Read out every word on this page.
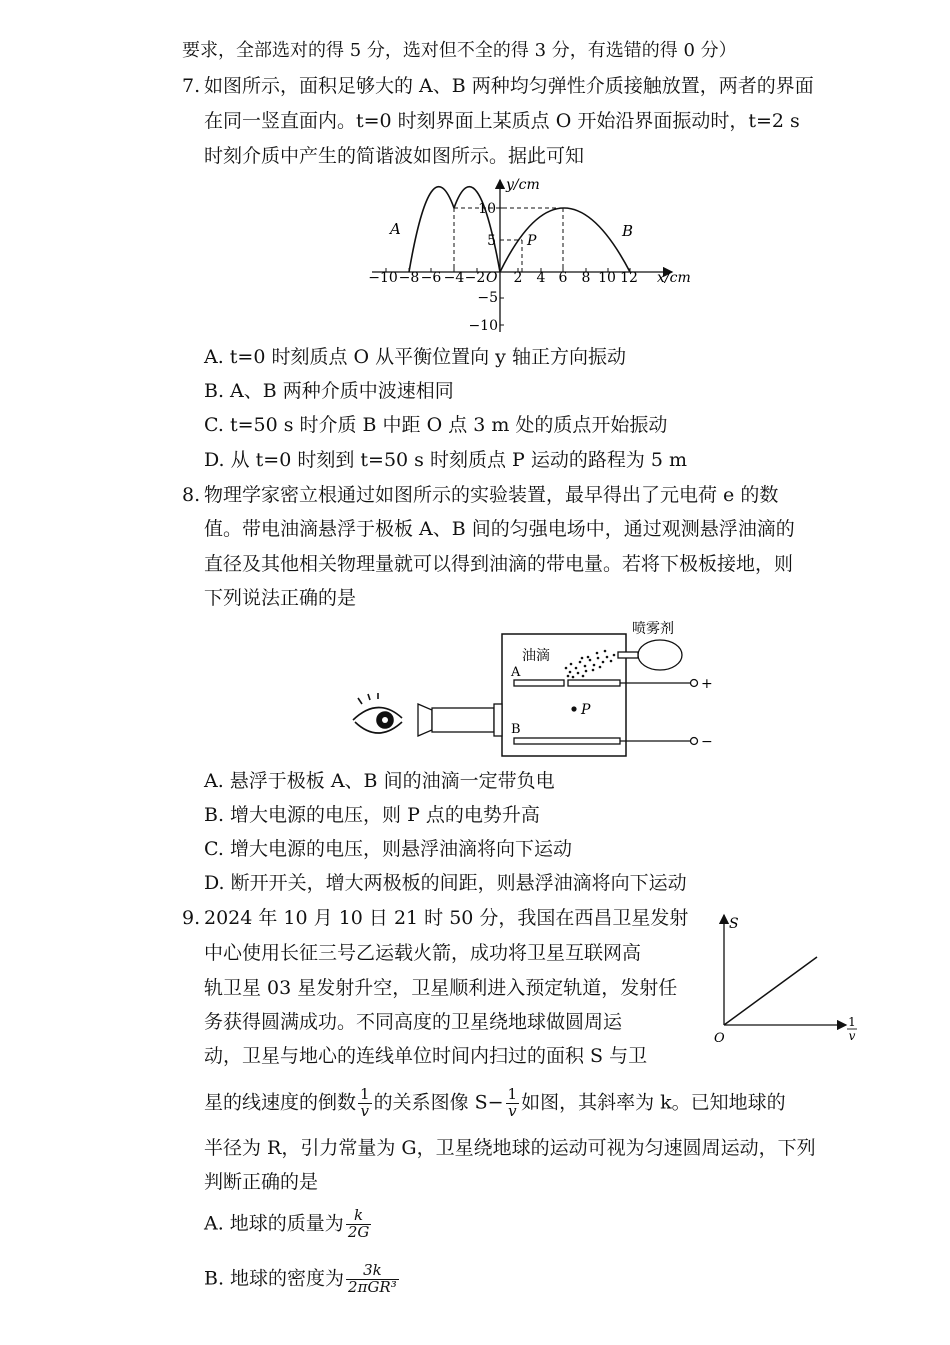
要求，全部选对的得 5 分，选对但不全的得 3 分，有选错的得 0 分）
7. 如图所示，面积足够大的 A、B 两种均匀弹性介质接触放置，两者的界面
在同一竖直面内。t=0 时刻界面上某质点 O 开始沿界面振动时，t=2 s
时刻介质中产生的简谐波如图所示。据此可知
y/cm
x/cm
A	B
P
O
−10 −8 −6 −4 −2 2 4 6 8 10 12
10
5
−5
−10
A. t=0 时刻质点 O 从平衡位置向 y 轴正方向振动
B. A、B 两种介质中波速相同
C. t=50 s 时介质 B 中距 O 点 3 m 处的质点开始振动
D. 从 t=0 时刻到 t=50 s 时刻质点 P 运动的路程为 5 m
8. 物理学家密立根通过如图所示的实验装置，最早得出了元电荷 e 的数
值。带电油滴悬浮于极板 A、B 间的匀强电场中，通过观测悬浮油滴的
直径及其他相关物理量就可以得到油滴的带电量。若将下极板接地，则
下列说法正确的是
喷雾剂
油滴
A
B
P
+
−
A. 悬浮于极板 A、B 间的油滴一定带负电
B. 增大电源的电压，则 P 点的电势升高
C. 增大电源的电压，则悬浮油滴将向下运动
D. 断开开关，增大两极板的间距，则悬浮油滴将向下运动
9. 2024 年 10 月 10 日 21 时 50 分，我国在西昌卫星发射
中心使用长征三号乙运载火箭，成功将卫星互联网高
轨卫星 03 星发射升空，卫星顺利进入预定轨道，发射任
务获得圆满成功。不同高度的卫星绕地球做圆周运
动，卫星与地心的连线单位时间内扫过的面积 S 与卫
S
O
1
v
星的线速度的倒数 $\frac{1}{v}$ 的关系图像 $S- \frac{1}{v}$ 如图，其斜率为 k。已知地球的
半径为 R，引力常量为 G，卫星绕地球的运动可视为匀速圆周运动，下列
判断正确的是
A. 地球的质量为 $\frac{k}{2G}$
B. 地球的密度为 $\frac{3k}{\text{2πGR³}}$
